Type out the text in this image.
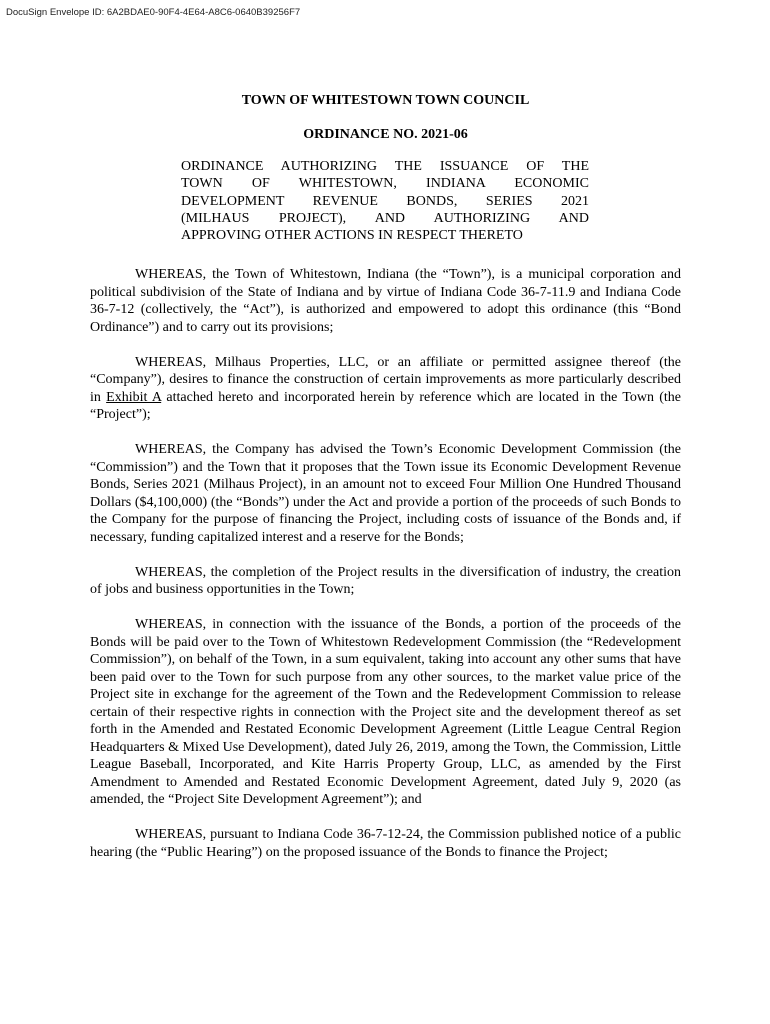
DocuSign Envelope ID: 6A2BDAE0-90F4-4E64-A8C6-0640B39256F7

TOWN OF WHITESTOWN TOWN COUNCIL

ORDINANCE NO. 2021-06

ORDINANCE AUTHORIZING THE ISSUANCE OF THE
TOWN OF WHITESTOWN, INDIANA ECONOMIC
DEVELOPMENT REVENUE BONDS, SERIES 2021
(MILHAUS PROJECT), AND AUTHORIZING AND
APPROVING OTHER ACTIONS IN RESPECT THERETO

WHEREAS, the Town of Whitestown, Indiana (the “Town”), is a municipal corporation and political subdivision of the State of Indiana and by virtue of Indiana Code 36-7-11.9 and Indiana Code 36-7-12 (collectively, the “Act”), is authorized and empowered to adopt this ordinance (this “Bond Ordinance”) and to carry out its provisions;

WHEREAS, Milhaus Properties, LLC, or an affiliate or permitted assignee thereof (the “Company”), desires to finance the construction of certain improvements as more particularly described in Exhibit A attached hereto and incorporated herein by reference which are located in the Town (the “Project”);

WHEREAS, the Company has advised the Town’s Economic Development Commission (the “Commission”) and the Town that it proposes that the Town issue its Economic Development Revenue Bonds, Series 2021 (Milhaus Project), in an amount not to exceed Four Million One Hundred Thousand Dollars ($4,100,000) (the “Bonds”) under the Act and provide a portion of the proceeds of such Bonds to the Company for the purpose of financing the Project, including costs of issuance of the Bonds and, if necessary, funding capitalized interest and a reserve for the Bonds;

WHEREAS, the completion of the Project results in the diversification of industry, the creation of jobs and business opportunities in the Town;

WHEREAS, in connection with the issuance of the Bonds, a portion of the proceeds of the Bonds will be paid over to the Town of Whitestown Redevelopment Commission (the “Redevelopment Commission”), on behalf of the Town, in a sum equivalent, taking into account any other sums that have been paid over to the Town for such purpose from any other sources, to the market value price of the Project site in exchange for the agreement of the Town and the Redevelopment Commission to release certain of their respective rights in connection with the Project site and the development thereof as set forth in the Amended and Restated Economic Development Agreement (Little League Central Region Headquarters & Mixed Use Development), dated July 26, 2019, among the Town, the Commission, Little League Baseball, Incorporated, and Kite Harris Property Group, LLC, as amended by the First Amendment to Amended and Restated Economic Development Agreement, dated July 9, 2020 (as amended, the “Project Site Development Agreement”); and

WHEREAS, pursuant to Indiana Code 36-7-12-24, the Commission published notice of a public hearing (the “Public Hearing”) on the proposed issuance of the Bonds to finance the Project;
